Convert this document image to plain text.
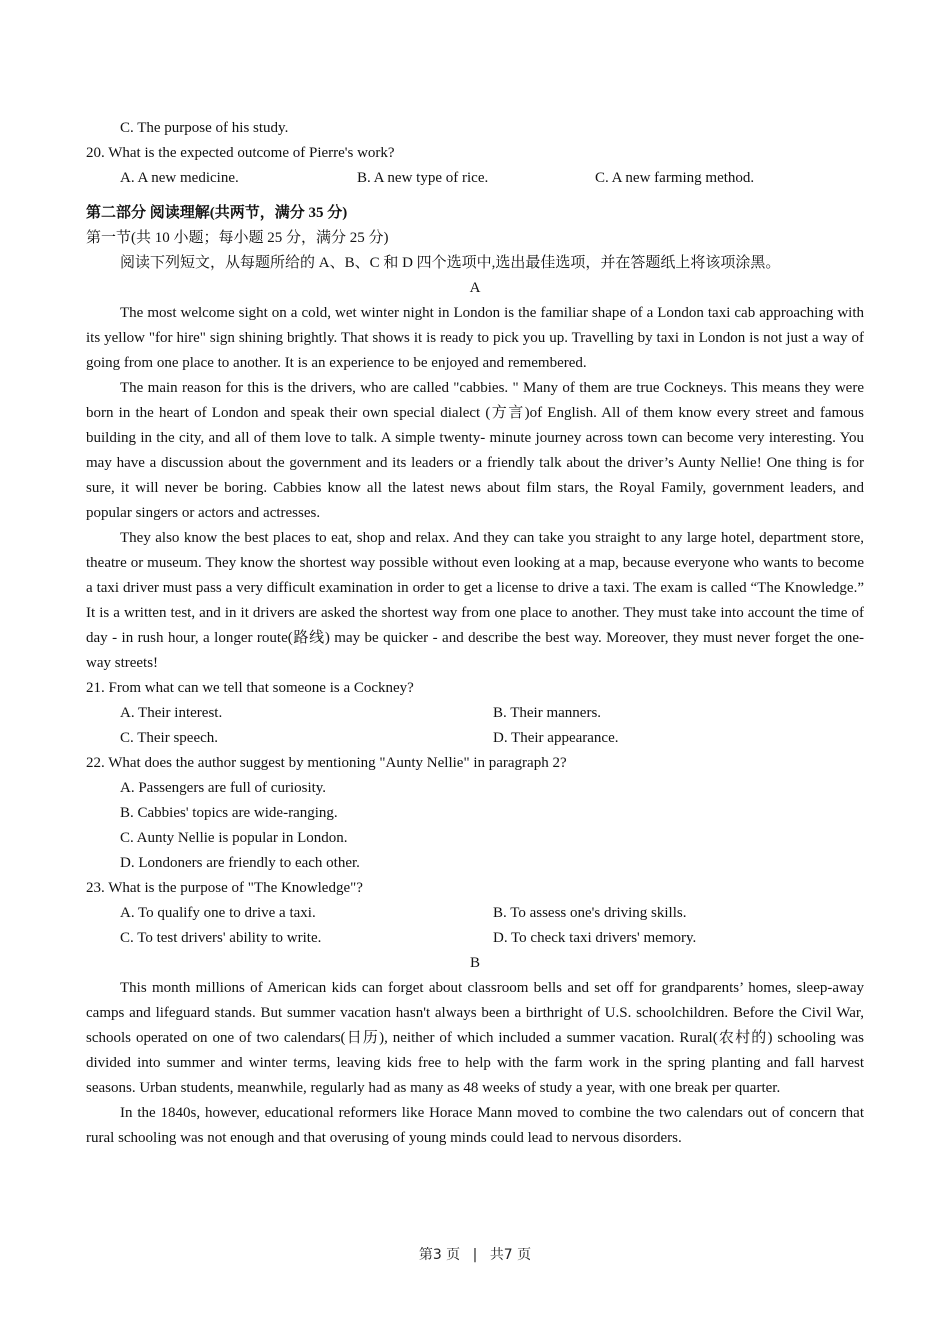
C. The purpose of his study.
20. What is the expected outcome of Pierre's work?
A. A new medicine.	B. A new type of rice.	C. A new farming method.
第二部分 阅读理解(共两节，满分 35 分)
第一节(共 10 小题；每小题 25 分，满分 25 分)
阅读下列短文，从每题所给的 A、B、C 和 D 四个选项中,选出最佳选项，并在答题纸上将该项涂黑。
A

The most welcome sight on a cold, wet winter night in London is the familiar shape of a London taxi cab approaching with its yellow "for hire" sign shining brightly. That shows it is ready to pick you up. Travelling by taxi in London is not just a way of going from one place to another. It is an experience to be enjoyed and remembered.

The main reason for this is the drivers, who are called "cabbies. " Many of them are true Cockneys. This means they were born in the heart of London and speak their own special dialect (方言)of English. All of them know every street and famous building in the city, and all of them love to talk. A simple twenty- minute journey across town can become very interesting. You may have a discussion about the government and its leaders or a friendly talk about the driver’s Aunty Nellie! One thing is for sure, it will never be boring. Cabbies know all the latest news about film stars, the Royal Family, government leaders, and popular singers or actors and actresses.

They also know the best places to eat, shop and relax. And they can take you straight to any large hotel, department store, theatre or museum. They know the shortest way possible without even looking at a map, because everyone who wants to become a taxi driver must pass a very difficult examination in order to get a license to drive a taxi. The exam is called “The Knowledge.” It is a written test, and in it drivers are asked the shortest way from one place to another. They must take into account the time of day - in rush hour, a longer route(路线) may be quicker - and describe the best way. Moreover, they must never forget the one-way streets!

21. From what can we tell that someone is a Cockney?
A. Their interest.	B. Their manners.
C. Their speech.	D. Their appearance.
22. What does the author suggest by mentioning "Aunty Nellie" in paragraph 2?
A. Passengers are full of curiosity.
B. Cabbies' topics are wide-ranging.
C. Aunty Nellie is popular in London.
D. Londoners are friendly to each other.
23. What is the purpose of "The Knowledge"?
A. To qualify one to drive a taxi.	B. To assess one's driving skills.
C. To test drivers' ability to write.	D. To check taxi drivers' memory.
B

This month millions of American kids can forget about classroom bells and set off for grandparents’ homes, sleep-away camps and lifeguard stands. But summer vacation hasn't always been a birthright of U.S. schoolchildren. Before the Civil War, schools operated on one of two calendars(日历), neither of which included a summer vacation. Rural(农村的) schooling was divided into summer and winter terms, leaving kids free to help with the farm work in the spring planting and fall harvest seasons. Urban students, meanwhile, regularly had as many as 48 weeks of study a year, with one break per quarter.

In the 1840s, however, educational reformers like Horace Mann moved to combine the two calendars out of concern that rural schooling was not enough and that overusing of young minds could lead to nervous disorders.

第3 页 | 共7 页
